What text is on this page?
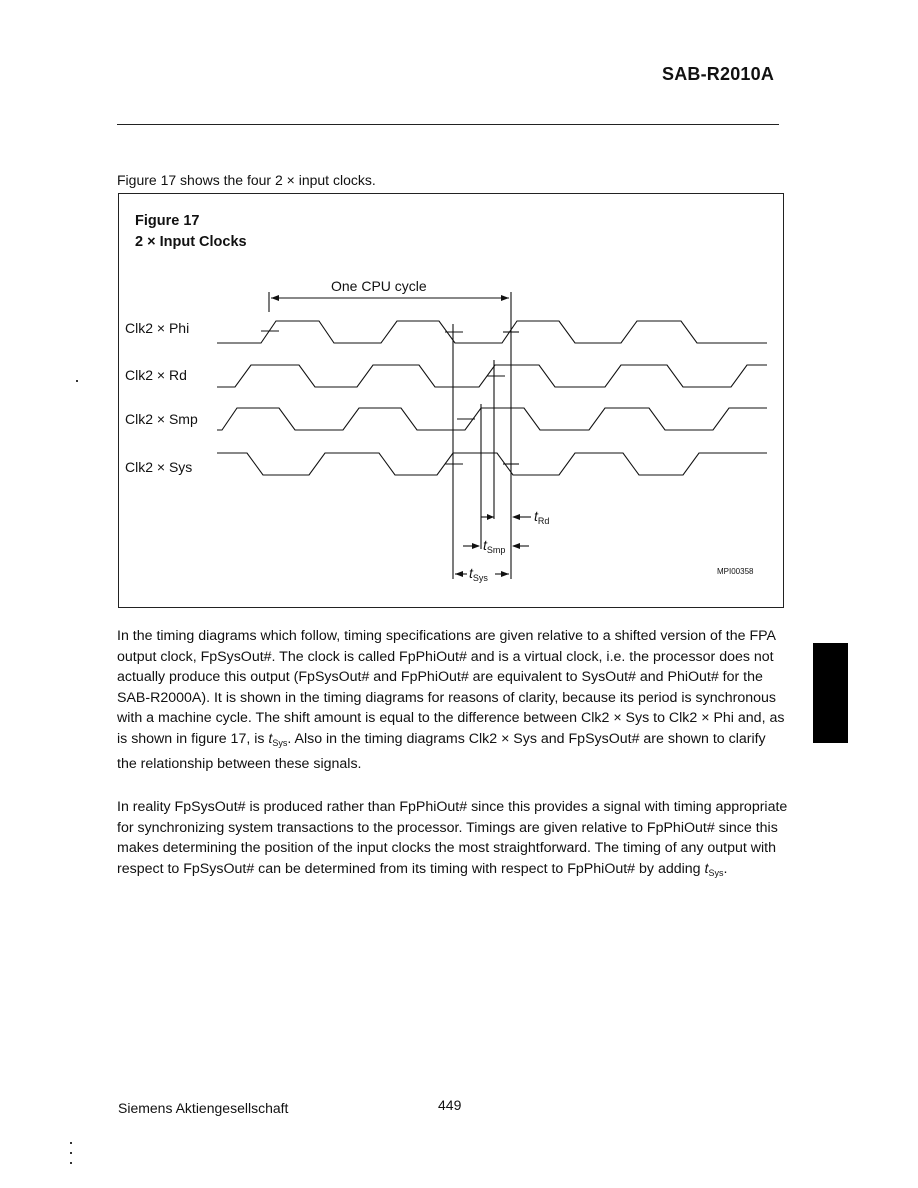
SAB-R2010A
Figure 17 shows the four 2 × input clocks.
Figure 17
2 × Input Clocks
One CPU cycle
Clk2 × Phi
Clk2 × Rd
Clk2 × Smp
Clk2 × Sys
$t_{Rd}$
$t_{Smp}$
$t_{Sys}$
MPI00358

In the timing diagrams which follow, timing specifications are given relative to a shifted version of the FPA output clock, FpSysOut#. The clock is called FpPhiOut# and is a virtual clock, i.e. the processor does not actually produce this output (FpSysOut# and FpPhiOut# are equivalent to SysOut# and PhiOut# for the SAB-R2000A). It is shown in the timing diagrams for reasons of clarity, because its period is synchronous with a machine cycle. The shift amount is equal to the difference between Clk2 × Sys to Clk2 × Phi and, as is shown in figure 17, is $t_{Sys}$. Also in the timing diagrams Clk2 × Sys and FpSysOut# are shown to clarify the relationship between these signals.

In reality FpSysOut# is produced rather than FpPhiOut# since this provides a signal with timing appropriate for synchronizing system transactions to the processor. Timings are given relative to FpPhiOut# since this makes determining the position of the input clocks the most straightforward. The timing of any output with respect to FpSysOut# can be determined from its timing with respect to FpPhiOut# by adding $t_{Sys}$.

Siemens Aktiengesellschaft	449
